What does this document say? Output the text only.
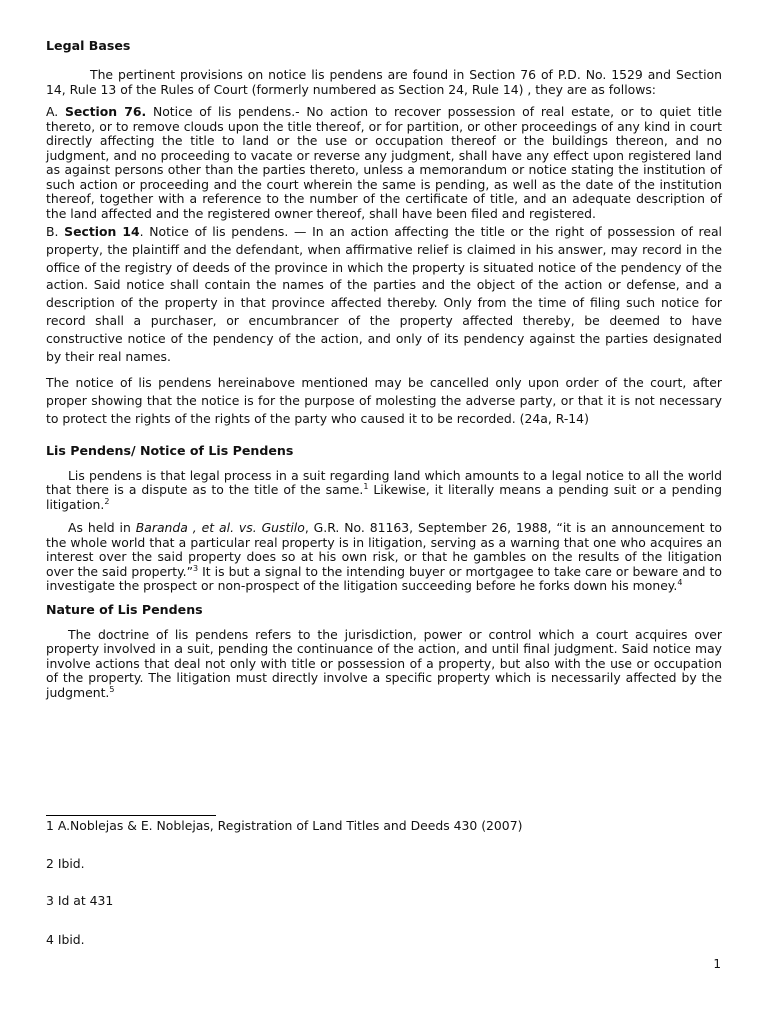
Legal Bases

The pertinent provisions on notice lis pendens are found in Section 76 of P.D. No. 1529 and Section 14, Rule 13 of the Rules of Court (formerly numbered as Section 24, Rule 14) , they are as follows:

A. Section 76. Notice of lis pendens.- No action to recover possession of real estate, or to quiet title thereto, or to remove clouds upon the title thereof, or for partition, or other proceedings of any kind in court directly affecting the title to land or the use or occupation thereof or the buildings thereon, and no judgment, and no proceeding to vacate or reverse any judgment, shall have any effect upon registered land as against persons other than the parties thereto, unless a memorandum or notice stating the institution of such action or proceeding and the court wherein the same is pending, as well as the date of the institution thereof, together with a reference to the number of the certificate of title, and an adequate description of the land affected and the registered owner thereof, shall have been filed and registered.

B. Section 14. Notice of lis pendens. — In an action affecting the title or the right of possession of real property, the plaintiff and the defendant, when affirmative relief is claimed in his answer, may record in the office of the registry of deeds of the province in which the property is situated notice of the pendency of the action. Said notice shall contain the names of the parties and the object of the action or defense, and a description of the property in that province affected thereby. Only from the time of filing such notice for record shall a purchaser, or encumbrancer of the property affected thereby, be deemed to have constructive notice of the pendency of the action, and only of its pendency against the parties designated by their real names.

The notice of lis pendens hereinabove mentioned may be cancelled only upon order of the court, after proper showing that the notice is for the purpose of molesting the adverse party, or that it is not necessary to protect the rights of the rights of the party who caused it to be recorded. (24a, R-14)

Lis Pendens/ Notice of Lis Pendens

Lis pendens is that legal process in a suit regarding land which amounts to a legal notice to all the world that there is a dispute as to the title of the same.$^1$ Likewise, it literally means a pending suit or a pending litigation.$^2$

As held in Baranda , et al. vs. Gustilo, G.R. No. 81163, September 26, 1988, “it is an announcement to the whole world that a particular real property is in litigation, serving as a warning that one who acquires an interest over the said property does so at his own risk, or that he gambles on the results of the litigation over the said property.”$^3$ It is but a signal to the intending buyer or mortgagee to take care or beware and to investigate the prospect or non-prospect of the litigation succeeding before he forks down his money.$^4$

Nature of Lis Pendens

The doctrine of lis pendens refers to the jurisdiction, power or control which a court acquires over property involved in a suit, pending the continuance of the action, and until final judgment. Said notice may involve actions that deal not only with title or possession of a property, but also with the use or occupation of the property. The litigation must directly involve a specific property which is necessarily affected by the judgment.$^5$

1 A.Noblejas & E. Noblejas, Registration of Land Titles and Deeds 430 (2007)
2 Ibid.
3 Id at 431
4 Ibid.
1
